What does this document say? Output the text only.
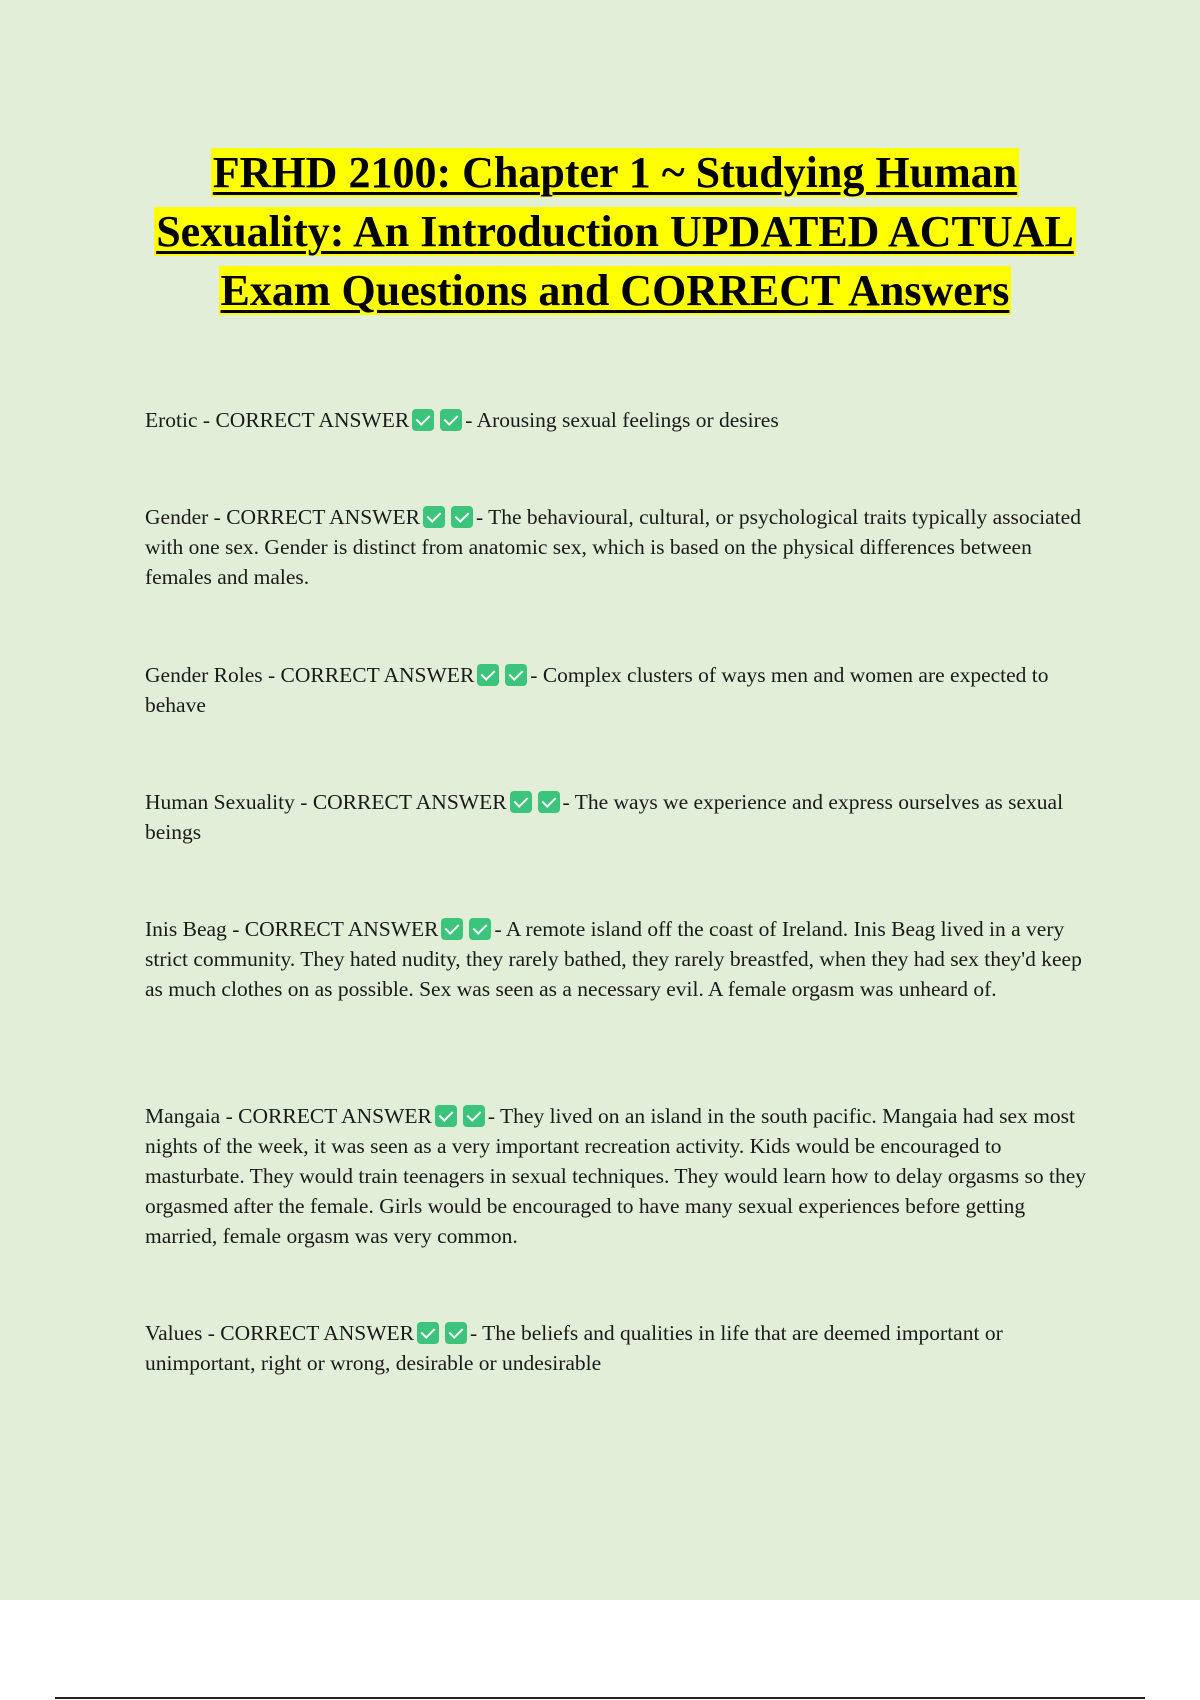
FRHD 2100: Chapter 1 ~ Studying Human Sexuality: An Introduction UPDATED ACTUAL Exam Questions and CORRECT Answers

Erotic - CORRECT ANSWER	- Arousing sexual feelings or desires

Gender - CORRECT ANSWER	- The behavioural, cultural, or psychological traits typically associated with one sex. Gender is distinct from anatomic sex, which is based on the physical differences between females and males.

Gender Roles - CORRECT ANSWER	- Complex clusters of ways men and women are expected to behave

Human Sexuality - CORRECT ANSWER	- The ways we experience and express ourselves as sexual beings

Inis Beag - CORRECT ANSWER	- A remote island off the coast of Ireland. Inis Beag lived in a very strict community. They hated nudity, they rarely bathed, they rarely breastfed, when they had sex they'd keep as much clothes on as possible. Sex was seen as a necessary evil. A female orgasm was unheard of.

Mangaia - CORRECT ANSWER	- They lived on an island in the south pacific. Mangaia had sex most nights of the week, it was seen as a very important recreation activity. Kids would be encouraged to masturbate. They would train teenagers in sexual techniques. They would learn how to delay orgasms so they orgasmed after the female. Girls would be encouraged to have many sexual experiences before getting married, female orgasm was very common.

Values - CORRECT ANSWER	- The beliefs and qualities in life that are deemed important or unimportant, right or wrong, desirable or undesirable
